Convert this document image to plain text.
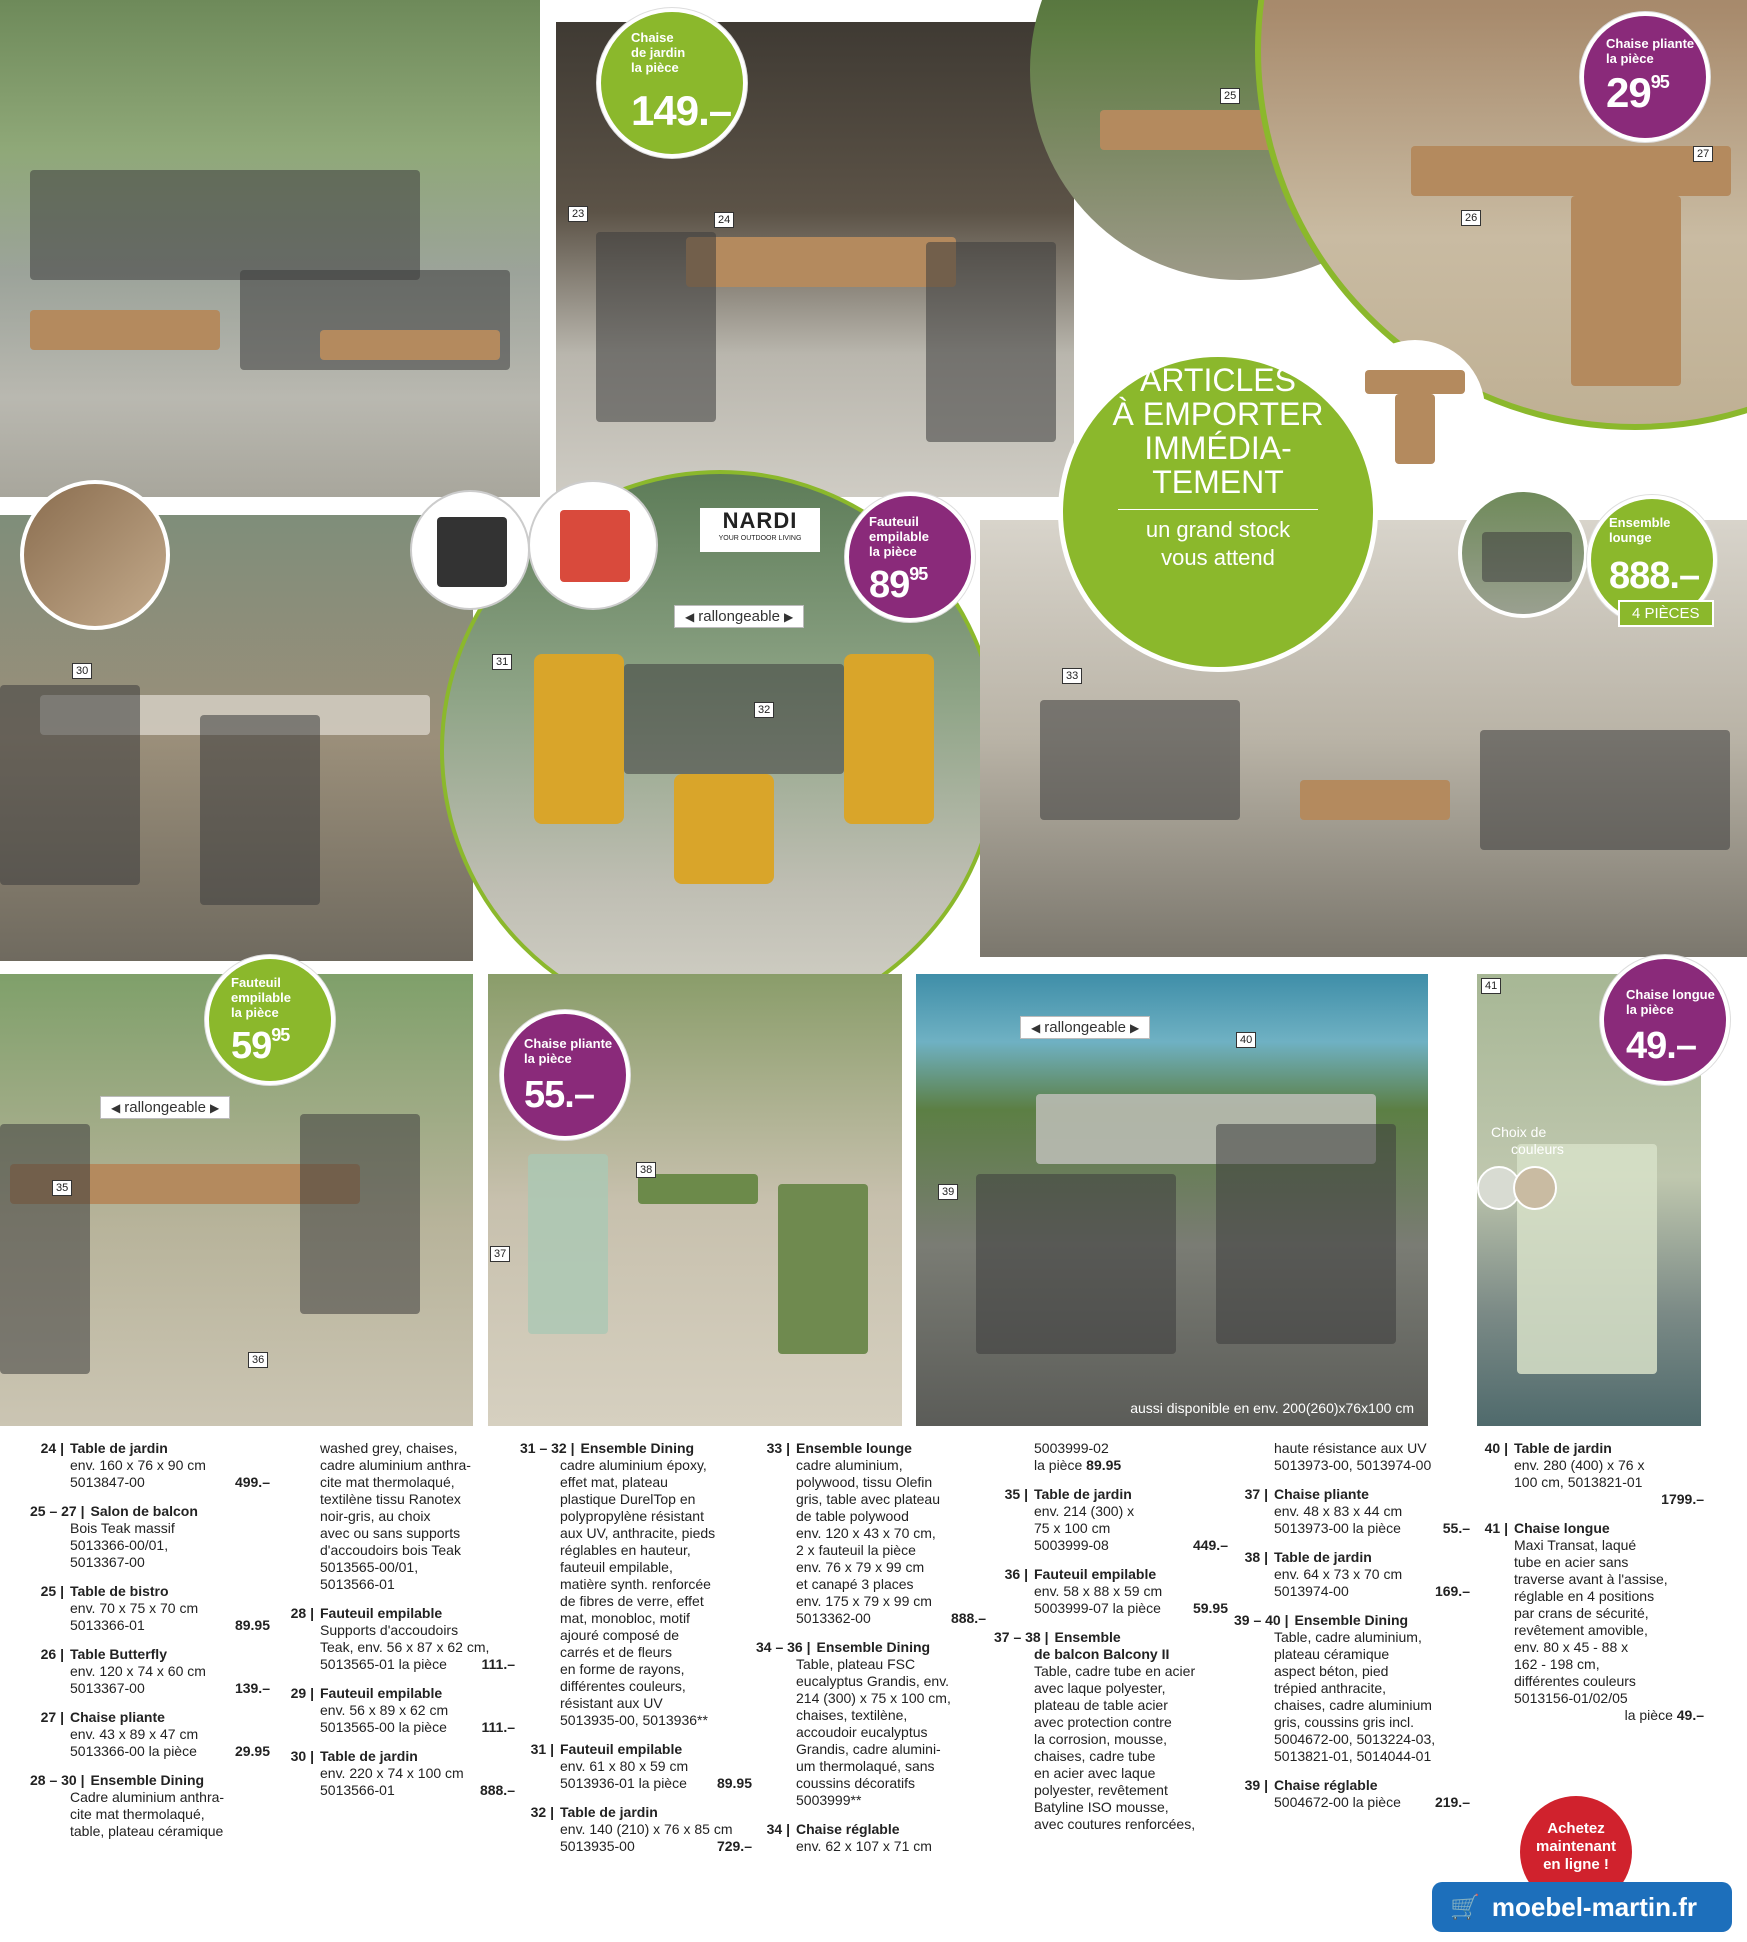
23	24
25
26
27
30
31
32
NARDI
YOUR OUTDOOR LIVING
33
35
36
38
37
40
39
aussi disponible en env. 200(260)x76x100 cm
41
Choix de
couleurs
ARTICLES
À EMPORTER
IMMÉDIA-
TEMENT
un grand stock
vous attend
Chaise
de jardin
la pièce
149.–
Chaise pliante
la pièce
$29^{95}$
Fauteuil
empilable
la pièce
$89^{95}$
Ensemble
lounge
888.–
4 PIÈCES
Fauteuil
empilable
la pièce
$59^{95}$	Chaise pliante
la pièce
55.–
Chaise longue
la pièce
49.–
◀ rallongeable ▶
◀ rallongeable ▶
◀ rallongeable ▶
24 | Table de jardin
env. 160 x 76 x 90 cm
5013847-00	499.–
25 – 27 | Salon de balcon
Bois Teak massif
5013366-00/01,
5013367-00
25 | Table de bistro
env. 70 x 75 x 70 cm
5013366-01	89.95
26 | Table Butterfly
env. 120 x 74 x 60 cm
5013367-00	139.–
27 | Chaise pliante
env. 43 x 89 x 47 cm
5013366-00 la pièce	29.95
28 – 30 | Ensemble Dining
Cadre aluminium anthra-
cite mat thermolaqué,
table, plateau céramique
washed grey, chaises,
cadre aluminium anthra-
cite mat thermolaqué,
textilène tissu Ranotex
noir-gris, au choix
avec ou sans supports
d'accoudoirs bois Teak
5013565-00/01,
5013566-01
28 | Fauteuil empilable
Supports d'accoudoirs
Teak, env. 56 x 87 x 62 cm,
5013565-01 la pièce 111.–
29 | Fauteuil empilable
env. 56 x 89 x 62 cm
5013565-00 la pièce 111.–
30 | Table de jardin
env. 220 x 74 x 100 cm
5013566-01	888.–
31 – 32 | Ensemble Dining
cadre aluminium époxy,
effet mat, plateau
plastique DurelTop en
polypropylène résistant
aux UV, anthracite, pieds
réglables en hauteur,
fauteuil empilable,
matière synth. renforcée
de fibres de verre, effet
mat, monobloc, motif
ajouré composé de
carrés et de fleurs
en forme de rayons,
différentes couleurs,
résistant aux UV
5013935-00, 5013936**
31 | Fauteuil empilable
env. 61 x 80 x 59 cm
5013936-01 la pièce 89.95
32 | Table de jardin
env. 140 (210) x 76 x 85 cm
5013935-00	729.–
33 | Ensemble lounge
cadre aluminium,
polywood, tissu Olefin
gris, table avec plateau
de table polywood
env. 120 x 43 x 70 cm,
2 x fauteuil la pièce
env. 76 x 79 x 99 cm
et canapé 3 places
env. 175 x 79 x 99 cm
5013362-00	888.–
34 – 36 | Ensemble Dining
Table, plateau FSC
eucalyptus Grandis, env.
214 (300) x 75 x 100 cm,
chaises, textilène,
accoudoir eucalyptus
Grandis, cadre alumini-
um thermolaqué, sans
coussins décoratifs
5003999**
34 | Chaise réglable
env. 62 x 107 x 71 cm
5003999-02
la pièce 89.95
35 | Table de jardin
env. 214 (300) x
75 x 100 cm
5003999-08	449.–
36 | Fauteuil empilable
env. 58 x 88 x 59 cm
5003999-07 la pièce 59.95
37 – 38 | Ensemble
de balcon Balcony II
Table, cadre tube en acier
avec laque polyester,
plateau de table acier
avec protection contre
la corrosion, mousse,
chaises, cadre tube
en acier avec laque
polyester, revêtement
Batyline ISO mousse,
avec coutures renforcées,
haute résistance aux UV
5013973-00, 5013974-00
37 | Chaise pliante
env. 48 x 83 x 44 cm
5013973-00 la pièce	55.–
38 | Table de jardin
env. 64 x 73 x 70 cm
5013974-00	169.–
39 – 40 | Ensemble Dining
Table, cadre aluminium,
plateau céramique
aspect béton, pied
trépied anthracite,
chaises, cadre aluminium
gris, coussins gris incl.
5004672-00, 5013224-03,
5013821-01, 5014044-01
39 | Chaise réglable
5004672-00 la pièce 219.–
40 | Table de jardin
env. 280 (400) x 76 x
100 cm, 5013821-01
1799.–
41 | Chaise longue
Maxi Transat, laqué
tube en acier sans
traverse avant à l'assise,
réglable en 4 positions
par crans de sécurité,
revêtement amovible,
env. 80 x 45 - 88 x
162 - 198 cm,
différentes couleurs
5013156-01/02/05
la pièce 49.–
Achetez
maintenant
en ligne !
🛒 moebel-martin.fr
